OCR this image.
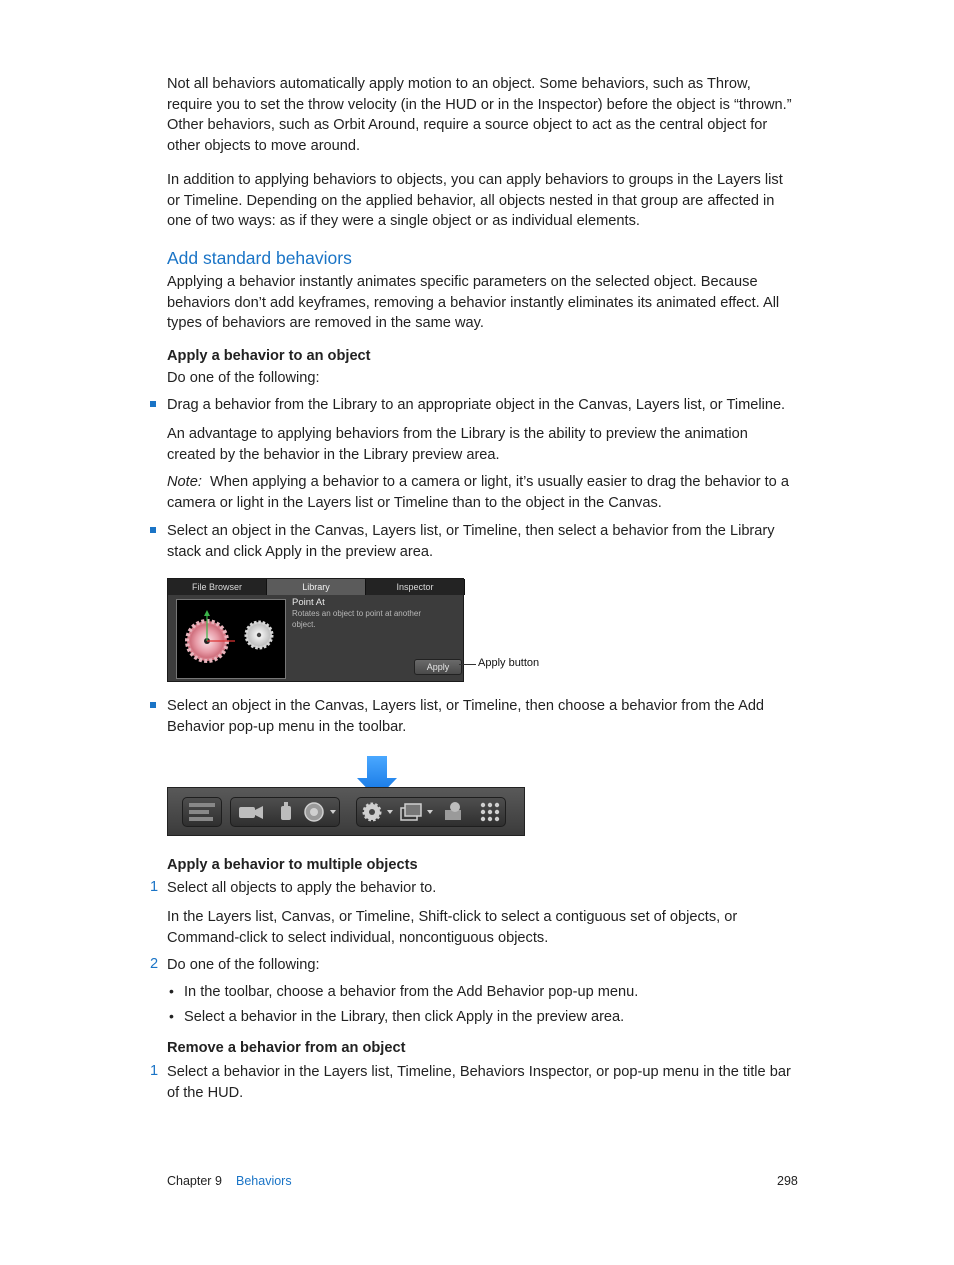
Not all behaviors automatically apply motion to an object. Some behaviors, such as Throw, require you to set the throw velocity (in the HUD or in the Inspector) before the object is “thrown.” Other behaviors, such as Orbit Around, require a source object to act as the central object for other objects to move around.

In addition to applying behaviors to objects, you can apply behaviors to groups in the Layers list or Timeline. Depending on the applied behavior, all objects nested in that group are affected in one of two ways: as if they were a single object or as individual elements.

Add standard behaviors

Applying a behavior instantly animates specific parameters on the selected object. Because behaviors don’t add keyframes, removing a behavior instantly eliminates its animated effect. All types of behaviors are removed in the same way.

Apply a behavior to an object

Do one of the following:

Drag a behavior from the Library to an appropriate object in the Canvas, Layers list, or Timeline.

An advantage to applying behaviors from the Library is the ability to preview the animation created by the behavior in the Library preview area.

Note: When applying a behavior to a camera or light, it’s usually easier to drag the behavior to a camera or light in the Layers list or Timeline than to the object in the Canvas.

Select an object in the Canvas, Layers list, or Timeline, then select a behavior from the Library stack and click Apply in the preview area.

File Browser	Library	Inspector
Point At
Rotates an object to point at another object.
Apply	Apply button

Select an object in the Canvas, Layers list, or Timeline, then choose a behavior from the Add Behavior pop-up menu in the toolbar.

Apply a behavior to multiple objects
1 Select all objects to apply the behavior to.

In the Layers list, Canvas, or Timeline, Shift-click to select a contiguous set of objects, or Command-click to select individual, noncontiguous objects.

2 Do one of the following:

• In the toolbar, choose a behavior from the Add Behavior pop-up menu.

• Select a behavior in the Library, then click Apply in the preview area.

Remove a behavior from an object
1 Select a behavior in the Layers list, Timeline, Behaviors Inspector, or pop-up menu in the title bar of the HUD.

Chapter 9 Behaviors	298
